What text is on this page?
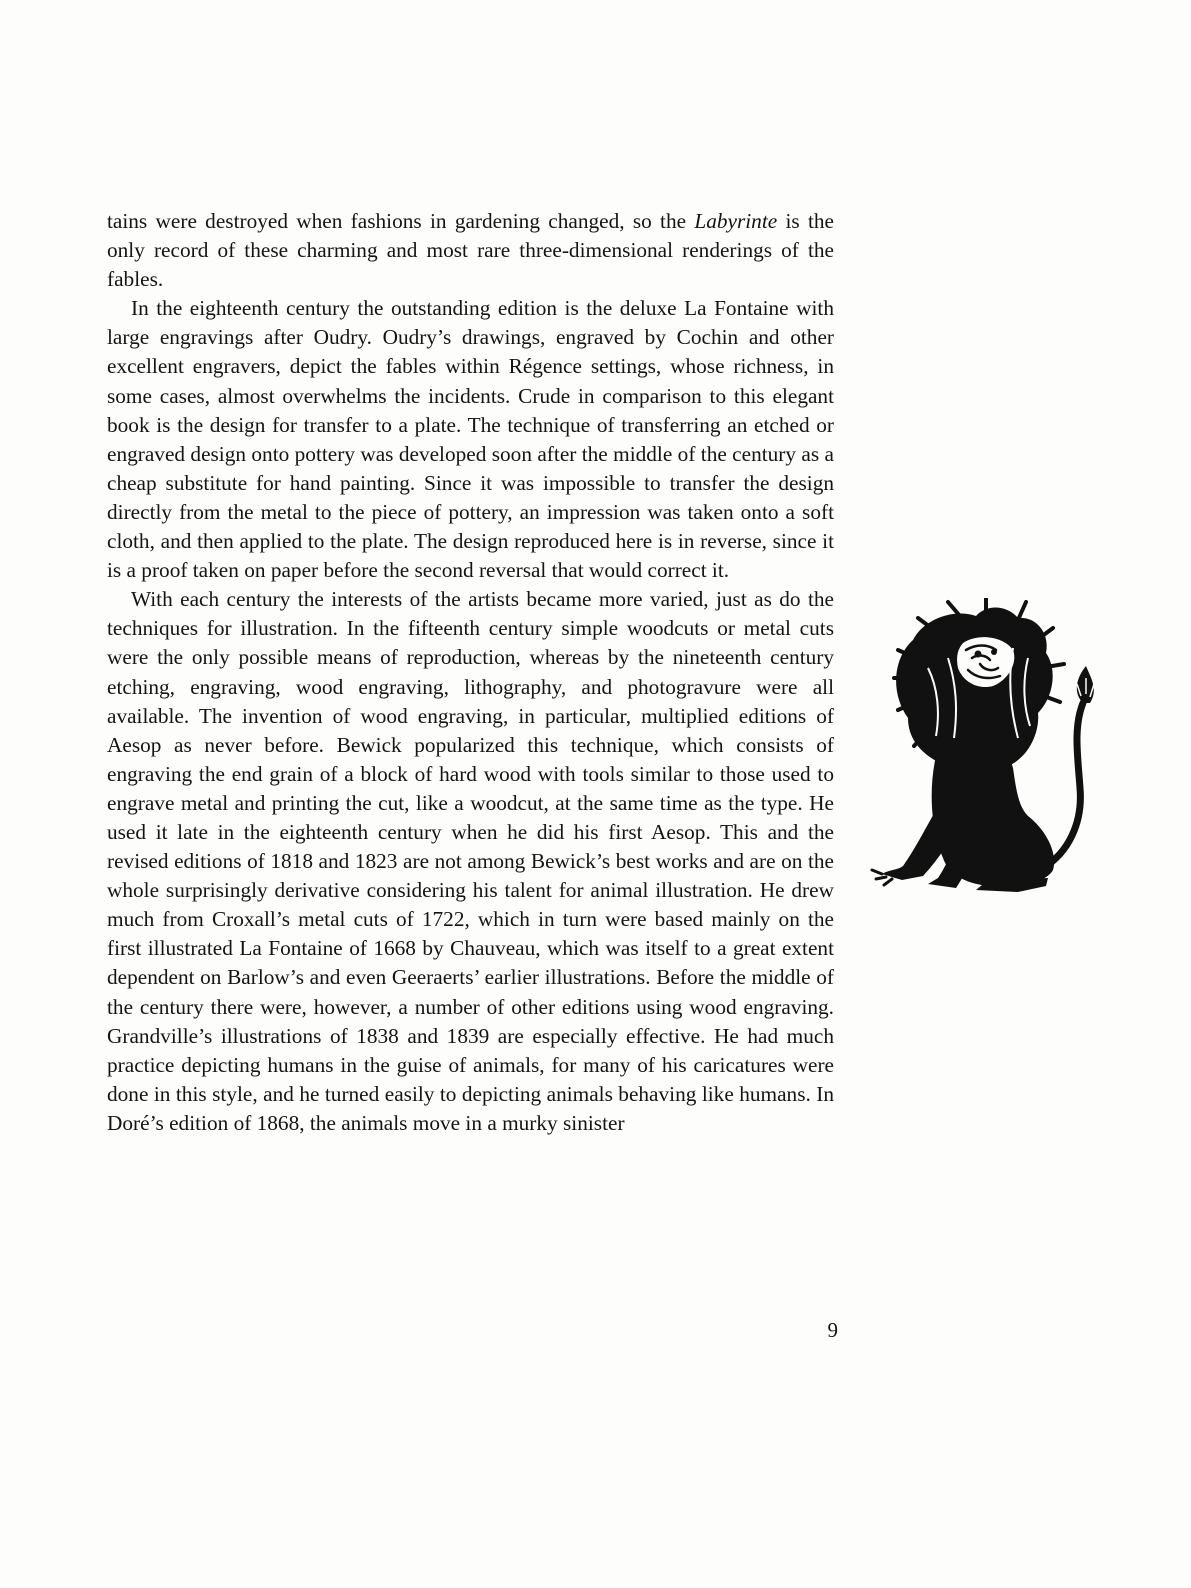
tains were destroyed when fashions in gardening changed, so the Labyrinte is the only record of these charming and most rare three-dimensional renderings of the fables.

In the eighteenth century the outstanding edition is the deluxe La Fontaine with large engravings after Oudry. Oudry’s drawings, engraved by Cochin and other excellent engravers, depict the fables within Régence settings, whose richness, in some cases, almost overwhelms the incidents. Crude in comparison to this elegant book is the design for transfer to a plate. The technique of transferring an etched or engraved design onto pottery was developed soon after the middle of the century as a cheap substitute for hand painting. Since it was impossible to transfer the design directly from the metal to the piece of pottery, an impression was taken onto a soft cloth, and then applied to the plate. The design reproduced here is in reverse, since it is a proof taken on paper before the second reversal that would correct it.

With each century the interests of the artists became more varied, just as do the techniques for illustration. In the fifteenth century simple woodcuts or metal cuts were the only possible means of reproduction, whereas by the nineteenth century etching, engraving, wood engraving, lithography, and photogravure were all available. The invention of wood engraving, in particular, multiplied editions of Aesop as never before. Bewick popularized this technique, which consists of engraving the end grain of a block of hard wood with tools similar to those used to engrave metal and printing the cut, like a woodcut, at the same time as the type. He used it late in the eighteenth century when he did his first Aesop. This and the revised editions of 1818 and 1823 are not among Bewick’s best works and are on the whole surprisingly derivative considering his talent for animal illustration. He drew much from Croxall’s metal cuts of 1722, which in turn were based mainly on the first illustrated La Fontaine of 1668 by Chauveau, which was itself to a great extent dependent on Barlow’s and even Geeraerts’ earlier illustrations. Before the middle of the century there were, however, a number of other editions using wood engraving. Grandville’s illustrations of 1838 and 1839 are especially effective. He had much practice depicting humans in the guise of animals, for many of his caricatures were done in this style, and he turned easily to depicting animals behaving like humans. In Doré’s edition of 1868, the animals move in a murky sinister

9
